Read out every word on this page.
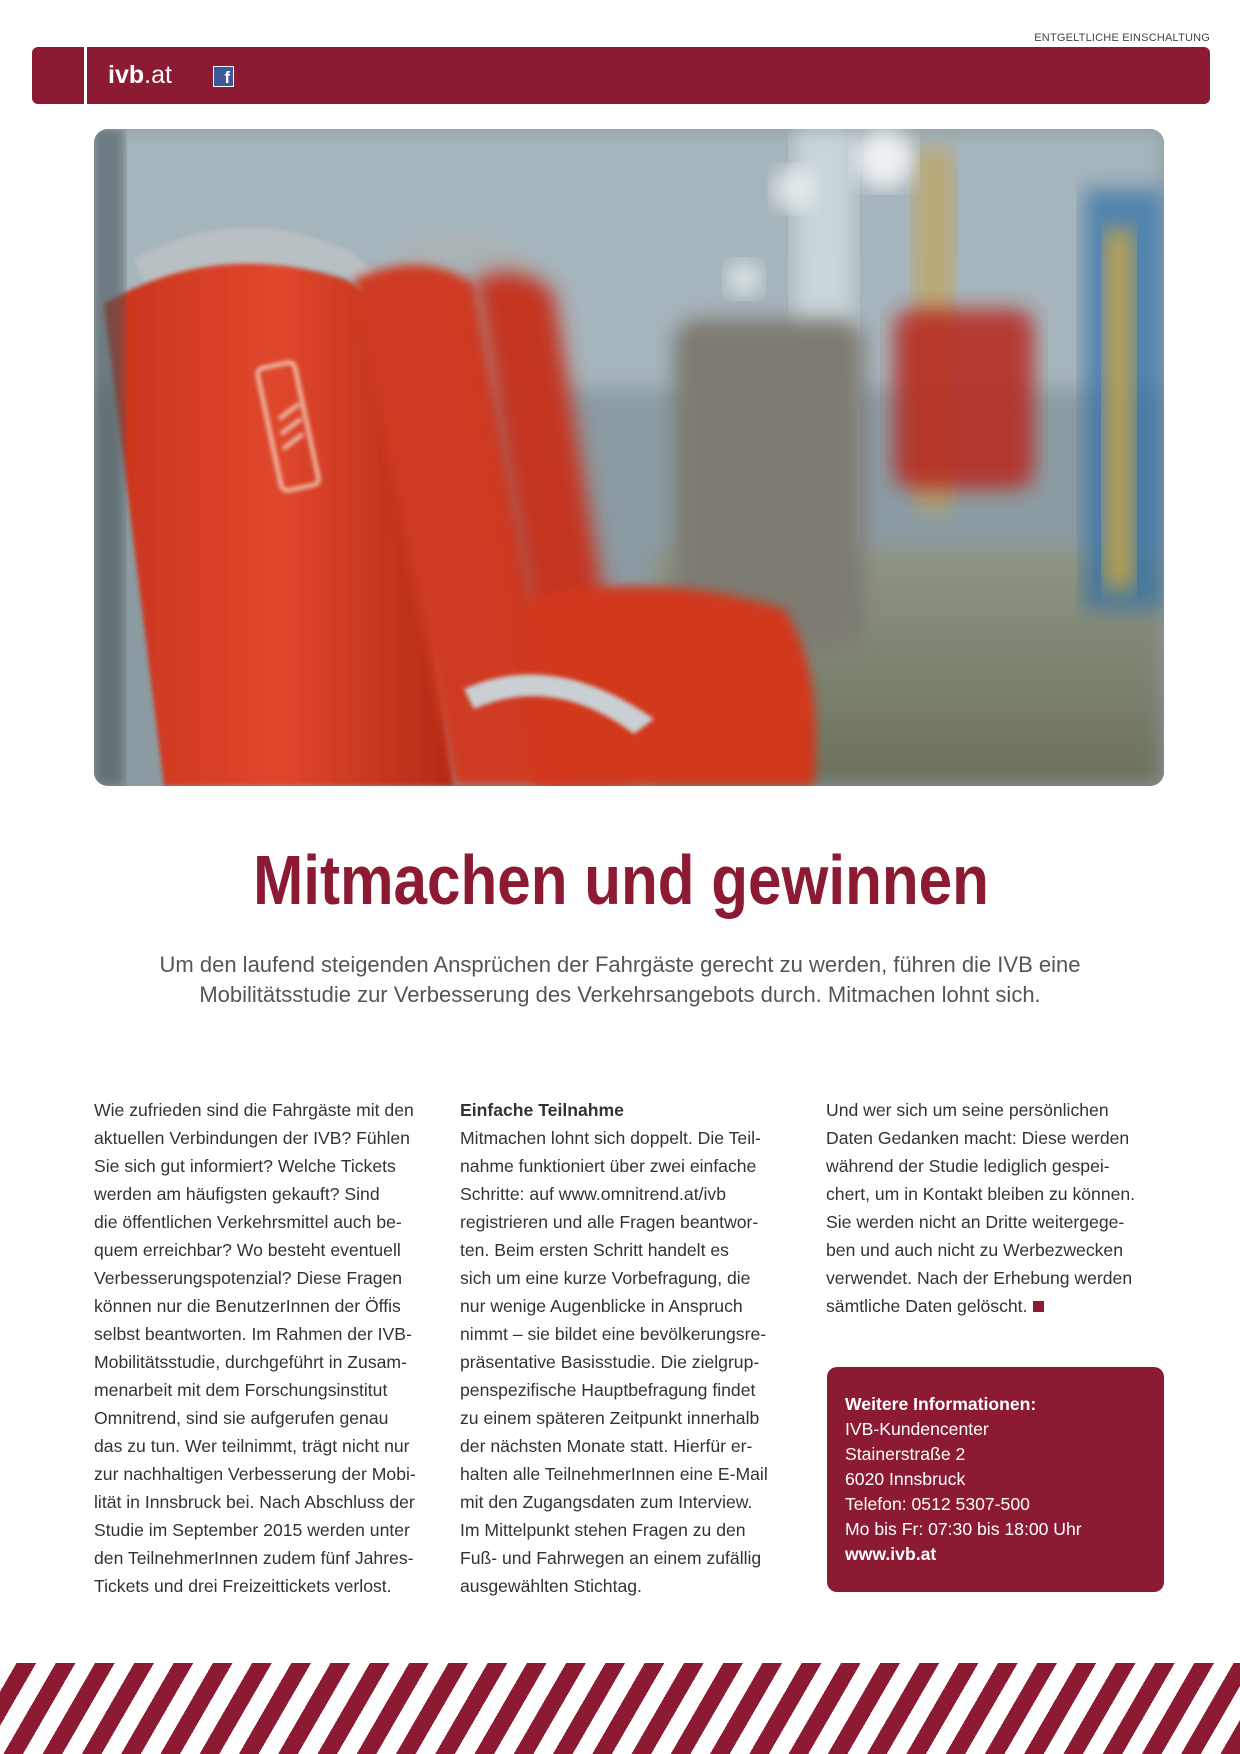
ENTGELTLICHE EINSCHALTUNG
ivb.at	f
Mitmachen und gewinnen
Um den laufend steigenden Ansprüchen der Fahrgäste gerecht zu werden, führen die IVB eine
Mobilitätsstudie zur Verbesserung des Verkehrsangebots durch. Mitmachen lohnt sich.
Wie zufrieden sind die Fahrgäste mit den
aktuellen Verbindungen der IVB? Fühlen
Sie sich gut informiert? Welche Tickets
werden am häufigsten gekauft? Sind
die öffentlichen Verkehrsmittel auch be-
quem erreichbar? Wo besteht eventuell
Verbesserungspotenzial? Diese Fragen
können nur die BenutzerInnen der Öffis
selbst beantworten. Im Rahmen der IVB-
Mobilitätsstudie, durchgeführt in Zusam-
menarbeit mit dem Forschungsinstitut
Omnitrend, sind sie aufgerufen genau
das zu tun. Wer teilnimmt, trägt nicht nur
zur nachhaltigen Verbesserung der Mobi-
lität in Innsbruck bei. Nach Abschluss der
Studie im September 2015 werden unter
den TeilnehmerInnen zudem fünf Jahres-
Tickets und drei Freizeittickets verlost.
Einfache Teilnahme
Mitmachen lohnt sich doppelt. Die Teil-
nahme funktioniert über zwei einfache
Schritte: auf www.omnitrend.at/ivb
registrieren und alle Fragen beantwor-
ten. Beim ersten Schritt handelt es
sich um eine kurze Vorbefragung, die
nur wenige Augenblicke in Anspruch
nimmt – sie bildet eine bevölkerungsre-
präsentative Basisstudie. Die zielgrup-
penspezifische Hauptbefragung findet
zu einem späteren Zeitpunkt innerhalb
der nächsten Monate statt. Hierfür er-
halten alle TeilnehmerInnen eine E-Mail
mit den Zugangsdaten zum Interview.
Im Mittelpunkt stehen Fragen zu den
Fuß- und Fahrwegen an einem zufällig
ausgewählten Stichtag.
Und wer sich um seine persönlichen
Daten Gedanken macht: Diese werden
während der Studie lediglich gespei-
chert, um in Kontakt bleiben zu können.
Sie werden nicht an Dritte weitergege-
ben und auch nicht zu Werbezwecken
verwendet. Nach der Erhebung werden
sämtliche Daten gelöscht.
Weitere Informationen:
IVB-Kundencenter
Stainerstraße 2
6020 Innsbruck
Telefon: 0512 5307-500
Mo bis Fr: 07:30 bis 18:00 Uhr
www.ivb.at
